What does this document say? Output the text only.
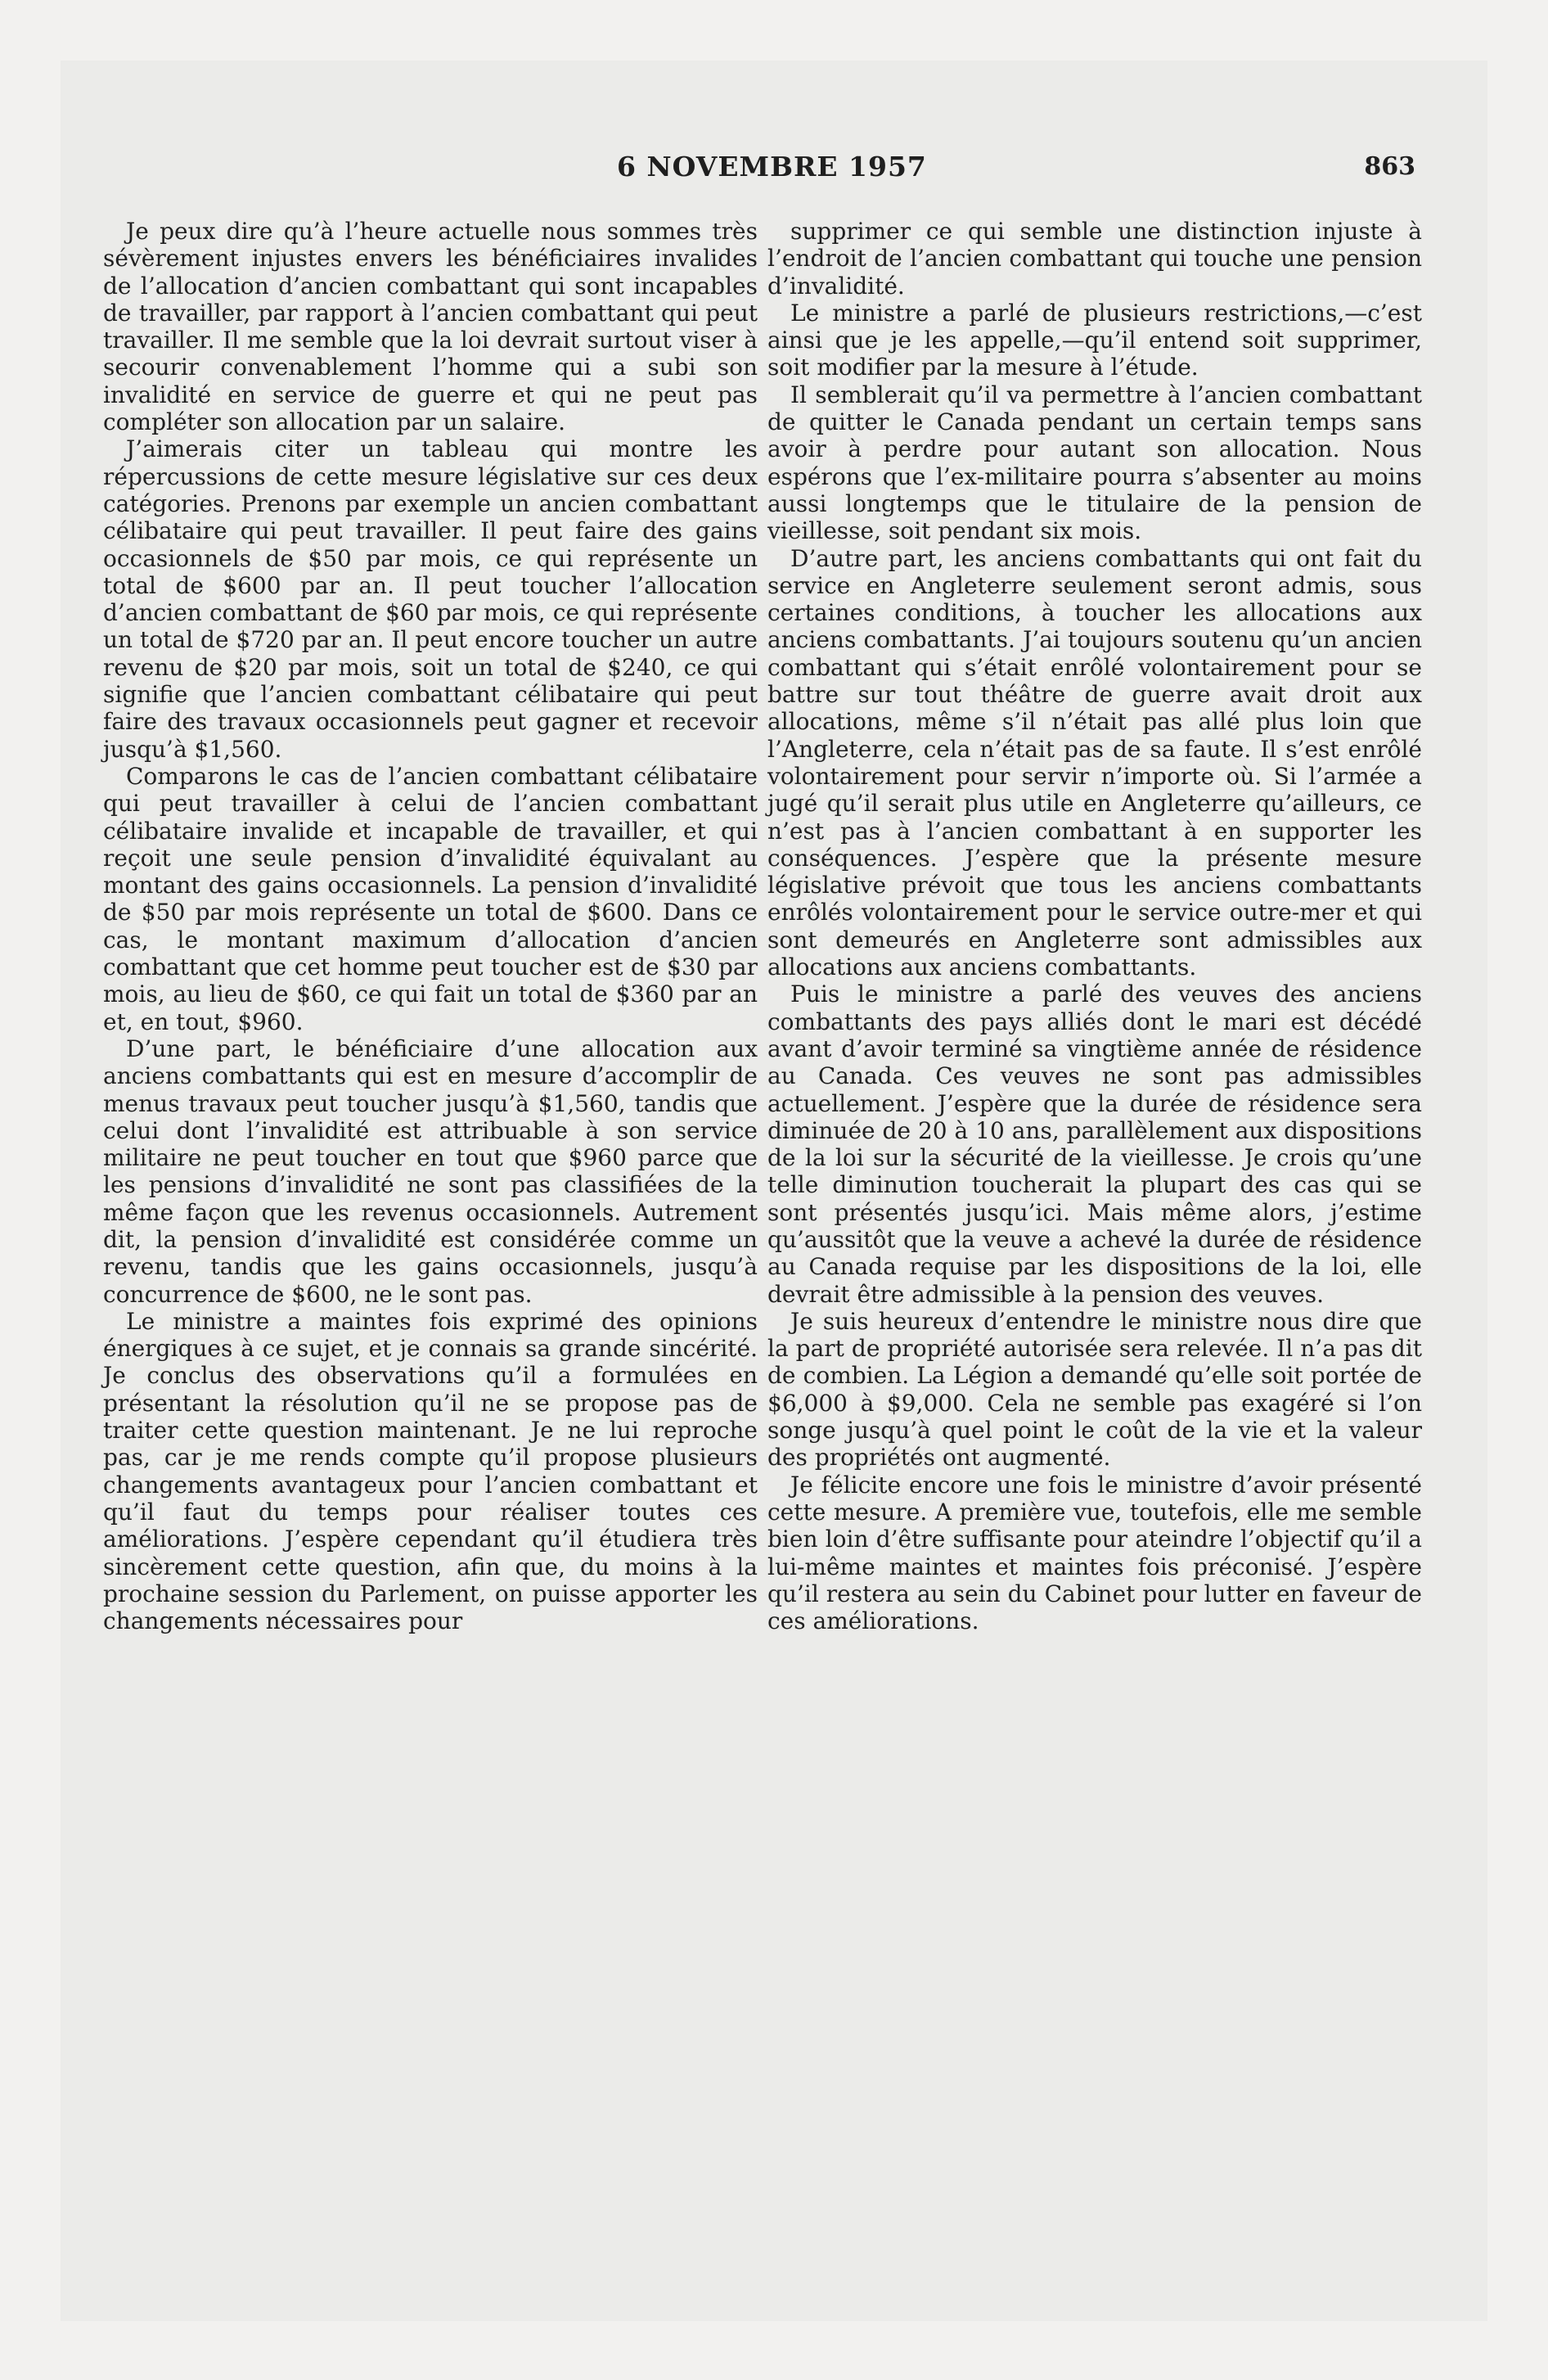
6 NOVEMBRE 1957	863

Je peux dire qu’à l’heure actuelle nous sommes très sévèrement injustes envers les bénéficiaires invalides de l’allocation d’ancien combattant qui sont incapables de travailler, par rapport à l’ancien combattant qui peut travailler. Il me semble que la loi devrait surtout viser à secourir convenablement l’homme qui a subi son invalidité en service de guerre et qui ne peut pas compléter son allocation par un salaire.

J’aimerais citer un tableau qui montre les répercussions de cette mesure législative sur ces deux catégories. Prenons par exemple un ancien combattant célibataire qui peut travailler. Il peut faire des gains occasionnels de $50 par mois, ce qui représente un total de $600 par an. Il peut toucher l’allocation d’ancien combattant de $60 par mois, ce qui représente un total de $720 par an. Il peut encore toucher un autre revenu de $20 par mois, soit un total de $240, ce qui signifie que l’ancien combattant célibataire qui peut faire des travaux occasionnels peut gagner et recevoir jusqu’à $1,560.

Comparons le cas de l’ancien combattant célibataire qui peut travailler à celui de l’ancien combattant célibataire invalide et incapable de travailler, et qui reçoit une seule pension d’invalidité équivalant au montant des gains occasionnels. La pension d’invalidité de $50 par mois représente un total de $600. Dans ce cas, le montant maximum d’allocation d’ancien combattant que cet homme peut toucher est de $30 par mois, au lieu de $60, ce qui fait un total de $360 par an et, en tout, $960.

D’une part, le bénéficiaire d’une allocation aux anciens combattants qui est en mesure d’accomplir de menus travaux peut toucher jusqu’à $1,560, tandis que celui dont l’invalidité est attribuable à son service militaire ne peut toucher en tout que $960 parce que les pensions d’invalidité ne sont pas classifiées de la même façon que les revenus occasionnels. Autrement dit, la pension d’invalidité est considérée comme un revenu, tandis que les gains occasionnels, jusqu’à concurrence de $600, ne le sont pas.

Le ministre a maintes fois exprimé des opinions énergiques à ce sujet, et je connais sa grande sincérité. Je conclus des observations qu’il a formulées en présentant la résolution qu’il ne se propose pas de traiter cette question maintenant. Je ne lui reproche pas, car je me rends compte qu’il propose plusieurs changements avantageux pour l’ancien combattant et qu’il faut du temps pour réaliser toutes ces améliorations. J’espère cependant qu’il étudiera très sincèrement cette question, afin que, du moins à la prochaine session du Parlement, on puisse apporter les changements nécessaires pour

supprimer ce qui semble une distinction injuste à l’endroit de l’ancien combattant qui touche une pension d’invalidité.

Le ministre a parlé de plusieurs restrictions,—c’est ainsi que je les appelle,—qu’il entend soit supprimer, soit modifier par la mesure à l’étude.

Il semblerait qu’il va permettre à l’ancien combattant de quitter le Canada pendant un certain temps sans avoir à perdre pour autant son allocation. Nous espérons que l’ex-militaire pourra s’absenter au moins aussi longtemps que le titulaire de la pension de vieillesse, soit pendant six mois.

D’autre part, les anciens combattants qui ont fait du service en Angleterre seulement seront admis, sous certaines conditions, à toucher les allocations aux anciens combattants. J’ai toujours soutenu qu’un ancien combattant qui s’était enrôlé volontairement pour se battre sur tout théâtre de guerre avait droit aux allocations, même s’il n’était pas allé plus loin que l’Angleterre, cela n’était pas de sa faute. Il s’est enrôlé volontairement pour servir n’importe où. Si l’armée a jugé qu’il serait plus utile en Angleterre qu’ailleurs, ce n’est pas à l’ancien combattant à en supporter les conséquences. J’espère que la présente mesure législative prévoit que tous les anciens combattants enrôlés volontairement pour le service outre-mer et qui sont demeurés en Angleterre sont admissibles aux allocations aux anciens combattants.

Puis le ministre a parlé des veuves des anciens combattants des pays alliés dont le mari est décédé avant d’avoir terminé sa vingtième année de résidence au Canada. Ces veuves ne sont pas admissibles actuellement. J’espère que la durée de résidence sera diminuée de 20 à 10 ans, parallèlement aux dispositions de la loi sur la sécurité de la vieillesse. Je crois qu’une telle diminution toucherait la plupart des cas qui se sont présentés jusqu’ici. Mais même alors, j’estime qu’aussitôt que la veuve a achevé la durée de résidence au Canada requise par les dispositions de la loi, elle devrait être admissible à la pension des veuves.

Je suis heureux d’entendre le ministre nous dire que la part de propriété autorisée sera relevée. Il n’a pas dit de combien. La Légion a demandé qu’elle soit portée de $6,000 à $9,000. Cela ne semble pas exagéré si l’on songe jusqu’à quel point le coût de la vie et la valeur des propriétés ont augmenté.

Je félicite encore une fois le ministre d’avoir présenté cette mesure. A première vue, toutefois, elle me semble bien loin d’être suffisante pour ateindre l’objectif qu’il a lui-même maintes et maintes fois préconisé. J’espère qu’il restera au sein du Cabinet pour lutter en faveur de ces améliorations.
